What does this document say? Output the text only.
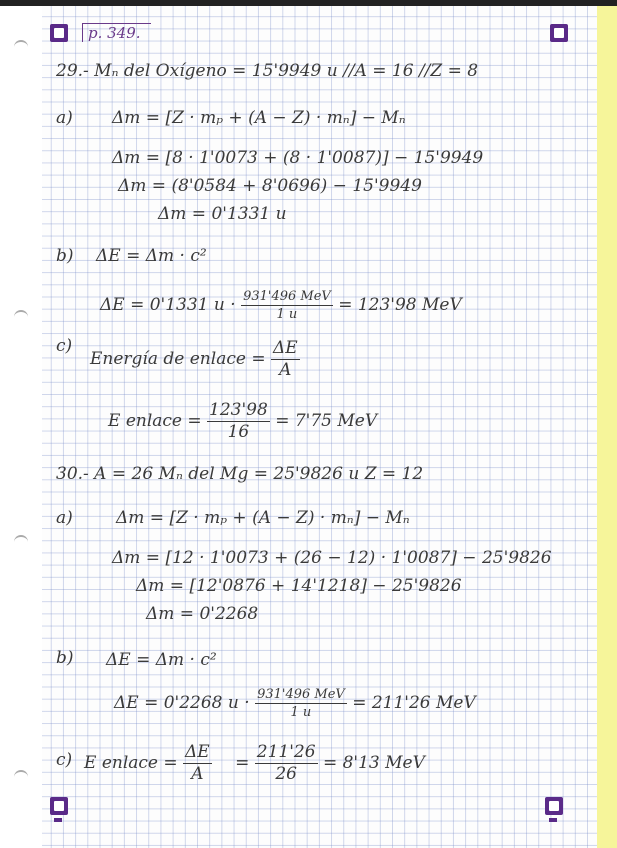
p. 349.
29.- Mₙ del Oxígeno = 15'9949 u //A = 16 //Z = 8
a) Δm = [Z · mₚ + (A − Z) · mₙ] − Mₙ
Δm = [8 · 1'0073 + (8 · 1'0087)] − 15'9949
Δm = (8'0584 + 8'0696) − 15'9949
Δm = 0'1331 u
b) ΔE = Δm · c²
ΔE = 0'1331 $u \cdot \frac{\text{931'496 MeV}}{1 u} = 123'98$ MeV
c)
Energía de enlace = $\frac{\Delta E}{A}$
E enlace = $\frac{123'98}{16} = 7'75$ MeV
30.- A = 26 Mₙ del Mg = 25'9826 u Z = 12
a)	Δm = [Z · mₚ + (A − Z) · mₙ] − Mₙ
Δm = [12 · 1'0073 + (26 − 12) · 1'0087] − 25'9826
Δm = [12'0876 + 14'1218] − 25'9826
Δm = 0'2268
b) ΔE = Δm · c²
ΔE = 0'2268 $u \cdot \frac{\text{931'496 MeV}}{1 u} = 211'26$ MeV
c) E enlace = $\frac{\Delta E}{A} = \frac{211'26}{26} = 8'13$ MeV
